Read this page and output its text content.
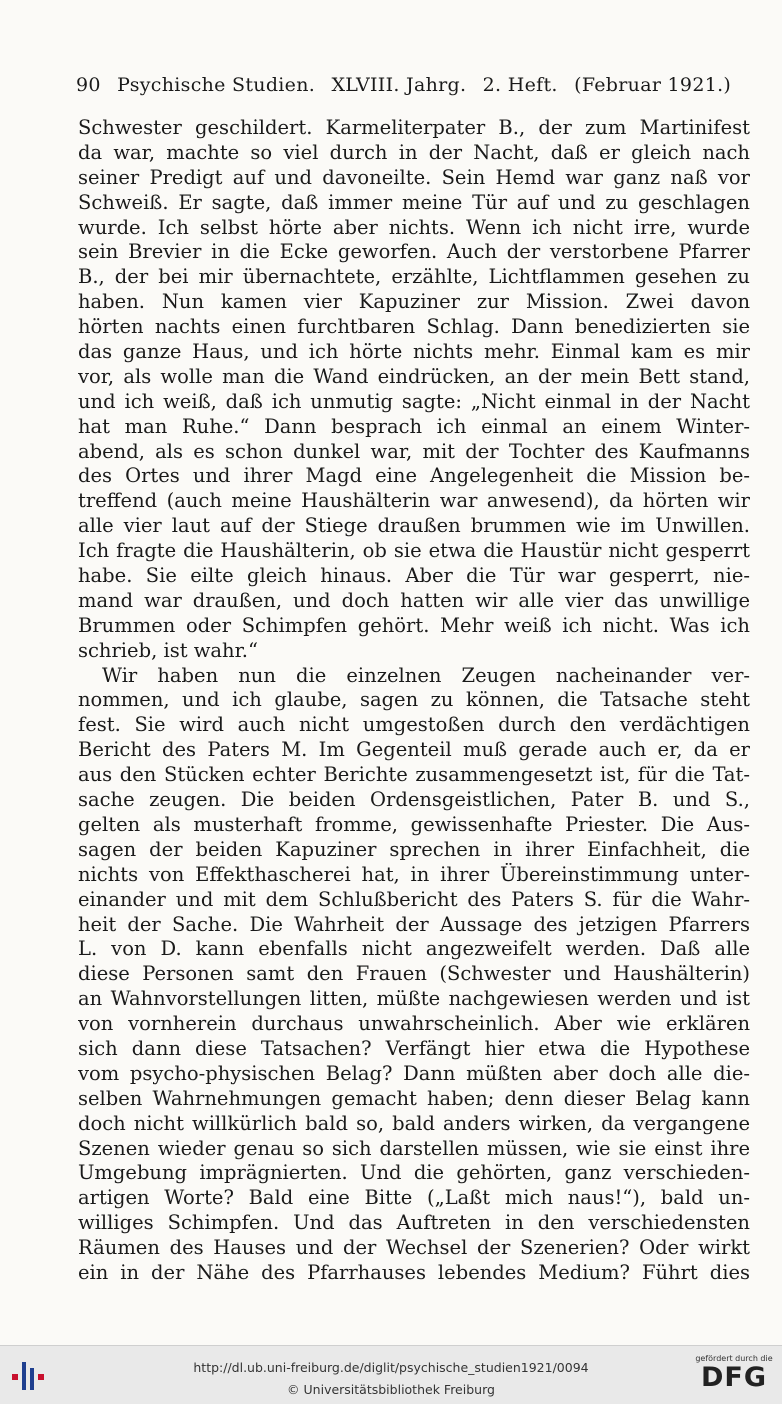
90 Psychische Studien. XLVIII. Jahrg. 2. Heft. (Februar 1921.)
Schwester geschildert. Karmeliterpater B., der zum Martinifest
da war, machte so viel durch in der Nacht, daß er gleich nach
seiner Predigt auf und davoneilte. Sein Hemd war ganz naß vor
Schweiß. Er sagte, daß immer meine Tür auf und zu geschlagen
wurde. Ich selbst hörte aber nichts. Wenn ich nicht irre, wurde
sein Brevier in die Ecke geworfen. Auch der verstorbene Pfarrer
B., der bei mir übernachtete, erzählte, Lichtflammen gesehen zu
haben. Nun kamen vier Kapuziner zur Mission. Zwei davon
hörten nachts einen furchtbaren Schlag. Dann benedizierten sie
das ganze Haus, und ich hörte nichts mehr. Einmal kam es mir
vor, als wolle man die Wand eindrücken, an der mein Bett stand,
und ich weiß, daß ich unmutig sagte: „Nicht einmal in der Nacht
hat man Ruhe.“ Dann besprach ich einmal an einem Winter-
abend, als es schon dunkel war, mit der Tochter des Kaufmanns
des Ortes und ihrer Magd eine Angelegenheit die Mission be-
treffend (auch meine Haushälterin war anwesend), da hörten wir
alle vier laut auf der Stiege draußen brummen wie im Unwillen.
Ich fragte die Haushälterin, ob sie etwa die Haustür nicht gesperrt
habe. Sie eilte gleich hinaus. Aber die Tür war gesperrt, nie-
mand war draußen, und doch hatten wir alle vier das unwillige
Brummen oder Schimpfen gehört. Mehr weiß ich nicht. Was ich
schrieb, ist wahr.“
Wir haben nun die einzelnen Zeugen nacheinander ver-
nommen, und ich glaube, sagen zu können, die Tatsache steht
fest. Sie wird auch nicht umgestoßen durch den verdächtigen
Bericht des Paters M. Im Gegenteil muß gerade auch er, da er
aus den Stücken echter Berichte zusammengesetzt ist, für die Tat-
sache zeugen. Die beiden Ordensgeistlichen, Pater B. und S.,
gelten als musterhaft fromme, gewissenhafte Priester. Die Aus-
sagen der beiden Kapuziner sprechen in ihrer Einfachheit, die
nichts von Effekthascherei hat, in ihrer Übereinstimmung unter-
einander und mit dem Schlußbericht des Paters S. für die Wahr-
heit der Sache. Die Wahrheit der Aussage des jetzigen Pfarrers
L. von D. kann ebenfalls nicht angezweifelt werden. Daß alle
diese Personen samt den Frauen (Schwester und Haushälterin)
an Wahnvorstellungen litten, müßte nachgewiesen werden und ist
von vornherein durchaus unwahrscheinlich. Aber wie erklären
sich dann diese Tatsachen? Verfängt hier etwa die Hypothese
vom psycho-physischen Belag? Dann müßten aber doch alle die-
selben Wahrnehmungen gemacht haben; denn dieser Belag kann
doch nicht willkürlich bald so, bald anders wirken, da vergangene
Szenen wieder genau so sich darstellen müssen, wie sie einst ihre
Umgebung imprägnierten. Und die gehörten, ganz verschieden-
artigen Worte? Bald eine Bitte („Laßt mich naus!“), bald un-
williges Schimpfen. Und das Auftreten in den verschiedensten
Räumen des Hauses und der Wechsel der Szenerien? Oder wirkt
ein in der Nähe des Pfarrhauses lebendes Medium? Führt dies
http://dl.ub.uni-freiburg.de/diglit/psychische_studien1921/0094
© Universitätsbibliothek Freiburg
gefördert durch die
DFG
